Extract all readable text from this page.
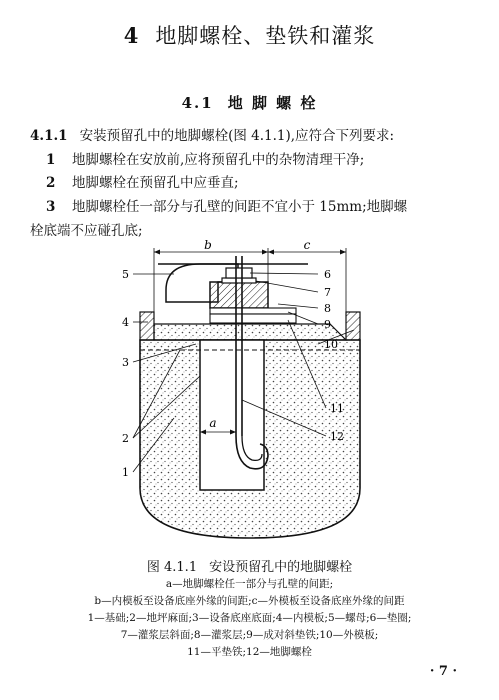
4 地脚螺栓、垫铁和灌浆
4.1 地 脚 螺 栓
4.1.1 安装预留孔中的地脚螺栓(图 4.1.1),应符合下列要求:
1 地脚螺栓在安放前,应将预留孔中的杂物清理干净;
2 地脚螺栓在预留孔中应垂直;
3 地脚螺栓任一部分与孔壁的间距不宜小于 15mm;地脚螺
栓底端不应碰孔底;
b	c
a
5
4
3
2
1
6
7
8
9
10
11
12
图 4.1.1 安设预留孔中的地脚螺栓
a—地脚螺栓任一部分与孔壁的间距;
b—内模板至设备底座外缘的间距;c—外模板至设备底座外缘的间距
1—基础;2—地坪麻面;3—设备底座底面;4—内模板;5—螺母;6—垫圈;
7—灌浆层斜面;8—灌浆层;9—成对斜垫铁;10—外模板;
11—平垫铁;12—地脚螺栓
· 7 ·
